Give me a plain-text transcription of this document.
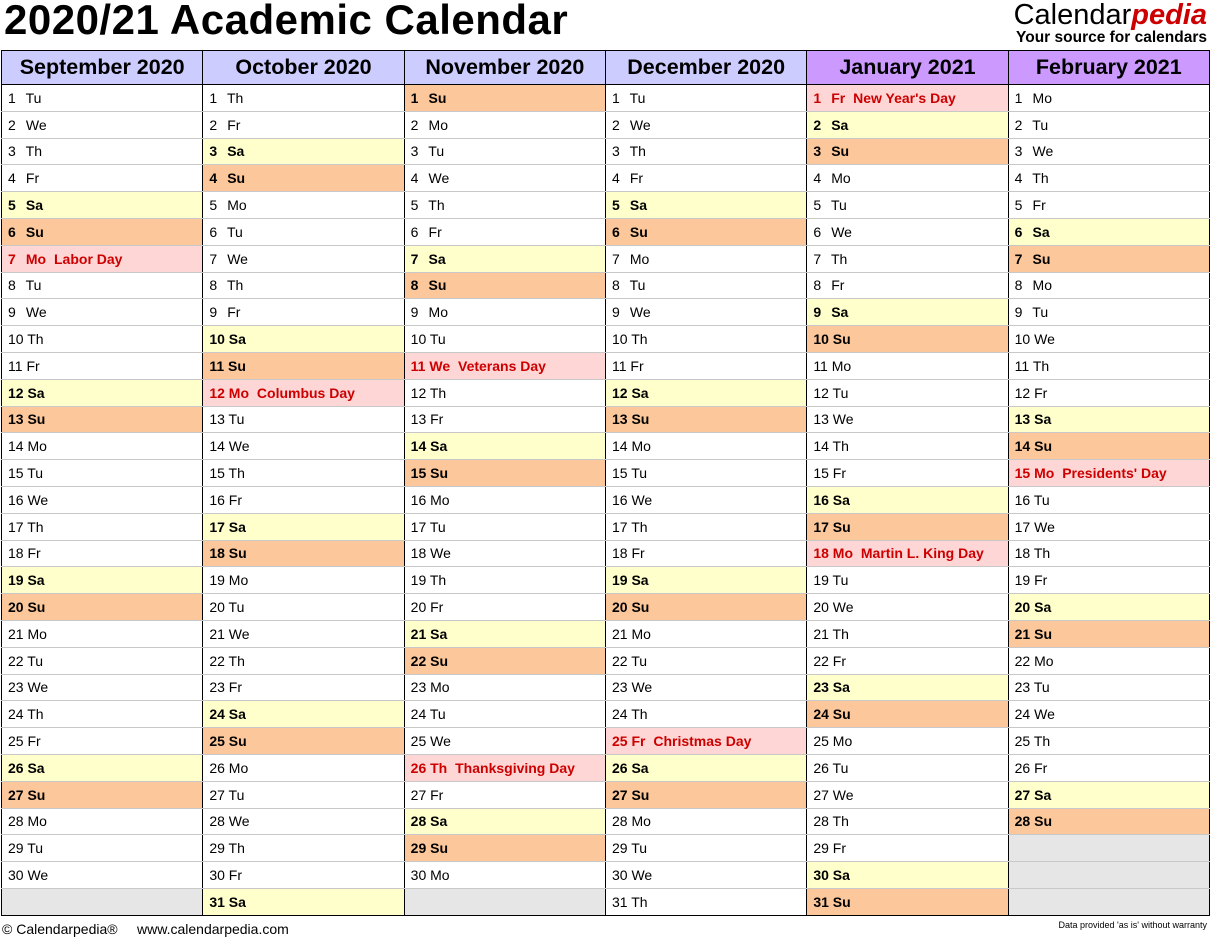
2020/21 Academic Calendar	Calendarpedia
Your source for calendars
September 2020	October 2020	November 2020	December 2020	January 2021	February 2021
1 Tu	1 Th	1 Su	1 Tu	1 Fr New Year's Day	1 Mo
2 We	2 Fr	2 Mo	2 We	2 Sa	2 Tu
3 Th	3 Sa	3 Tu	3 Th	3 Su	3 We
4 Fr	4 Su	4 We	4 Fr	4 Mo	4 Th
5 Sa	5 Mo	5 Th	5 Sa	5 Tu	5 Fr
6 Su	6 Tu	6 Fr	6 Su	6 We	6 Sa
7 Mo Labor Day	7 We	7 Sa	7 Mo	7 Th	7 Su
8 Tu	8 Th	8 Su	8 Tu	8 Fr	8 Mo
9 We	9 Fr	9 Mo	9 We	9 Sa	9 Tu
10 Th	10 Sa	10 Tu	10 Th	10 Su	10 We
11 Fr	11 Su	11 We Veterans Day	11 Fr	11 Mo	11 Th
12 Sa	12 Mo Columbus Day	12 Th	12 Sa	12 Tu	12 Fr
13 Su	13 Tu	13 Fr	13 Su	13 We	13 Sa
14 Mo	14 We	14 Sa	14 Mo	14 Th	14 Su
15 Tu	15 Th	15 Su	15 Tu	15 Fr	15 Mo Presidents' Day
16 We	16 Fr	16 Mo	16 We	16 Sa	16 Tu
17 Th	17 Sa	17 Tu	17 Th	17 Su	17 We
18 Fr	18 Su	18 We	18 Fr	18 Mo Martin L. King Day	18 Th
19 Sa	19 Mo	19 Th	19 Sa	19 Tu	19 Fr
20 Su	20 Tu	20 Fr	20 Su	20 We	20 Sa
21 Mo	21 We	21 Sa	21 Mo	21 Th	21 Su
22 Tu	22 Th	22 Su	22 Tu	22 Fr	22 Mo
23 We	23 Fr	23 Mo	23 We	23 Sa	23 Tu
24 Th	24 Sa	24 Tu	24 Th	24 Su	24 We
25 Fr	25 Su	25 We	25 Fr Christmas Day	25 Mo	25 Th
26 Sa	26 Mo	26 Th Thanksgiving Day	26 Sa	26 Tu	26 Fr
27 Su	27 Tu	27 Fr	27 Su	27 We	27 Sa
28 Mo	28 We	28 Sa	28 Mo	28 Th	28 Su
29 Tu	29 Th	29 Su	29 Tu	29 Fr	
30 We	30 Fr	30 Mo	30 We	30 Sa	
	31 Sa		31 Th	31 Su	
© Calendarpedia® www.calendarpedia.com	Data provided 'as is' without warranty
